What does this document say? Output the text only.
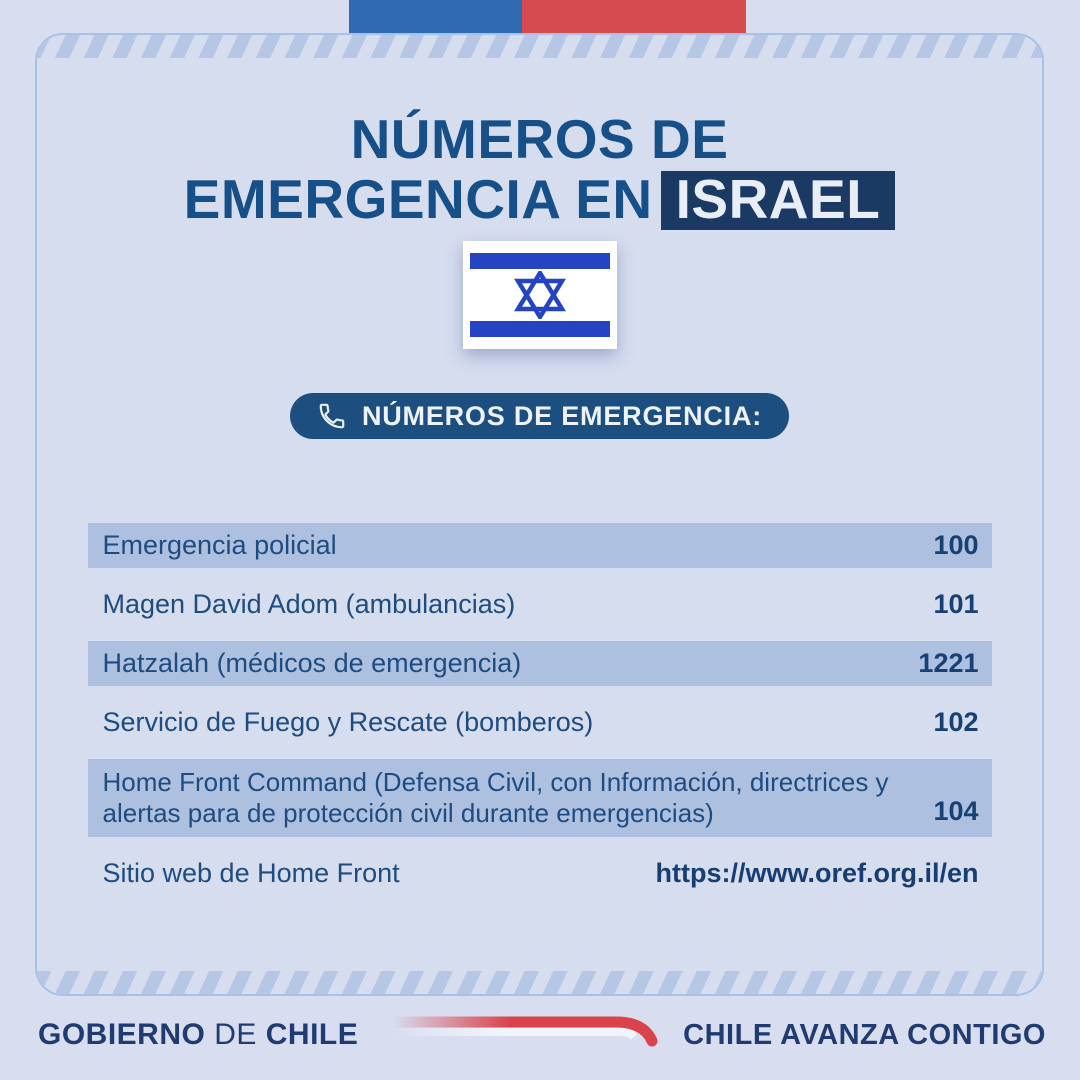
NÚMEROS DE
EMERGENCIA EN ISRAEL
NÚMEROS DE EMERGENCIA:
Emergencia policial	100
Magen David Adom (ambulancias)	101
Hatzalah (médicos de emergencia)	1221
Servicio de Fuego y Rescate (bomberos)	102
Home Front Command (Defensa Civil, con Información, directrices y alertas para de protección civil durante emergencias)	104
Sitio web de Home Front	https://www.oref.org.il/en
GOBIERNO DE CHILE	CHILE AVANZA CONTIGO
